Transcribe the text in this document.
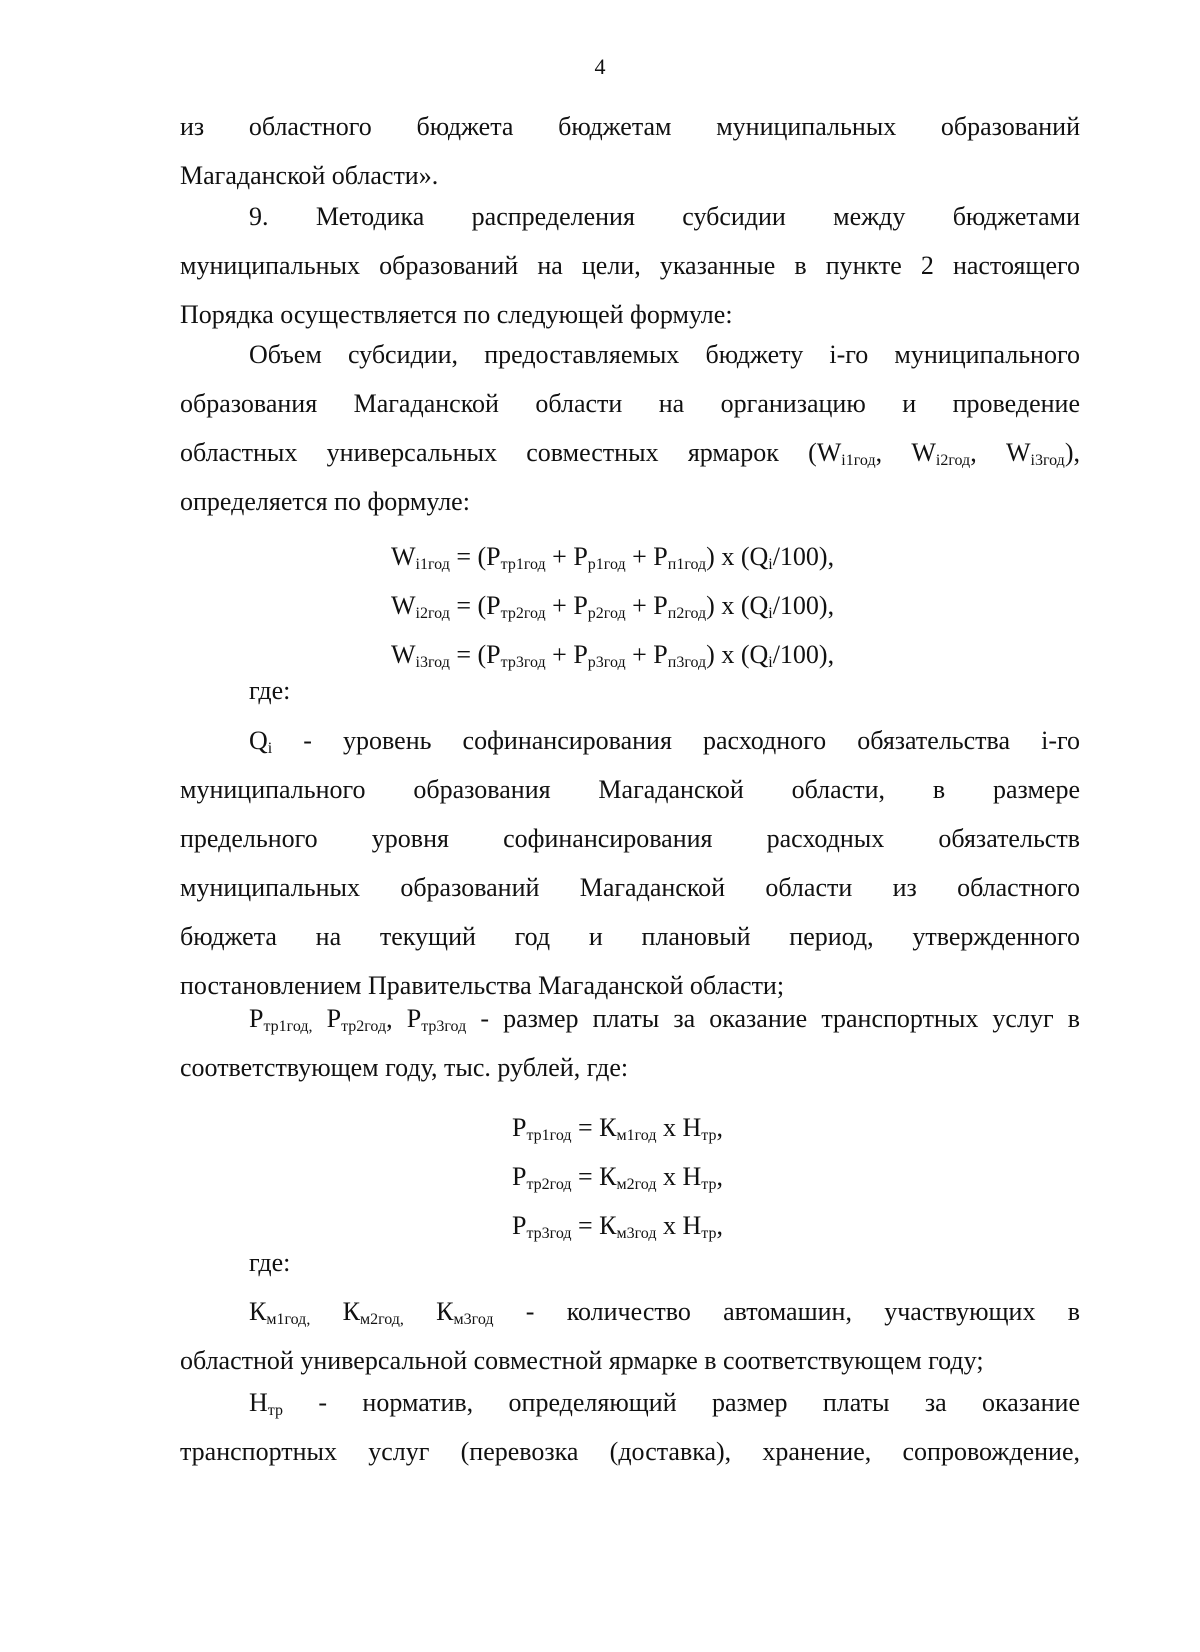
4

из областного бюджета бюджетам муниципальных образований

Магаданской области».

9. Методика распределения субсидии между бюджетами

муниципальных образований на цели, указанные в пункте 2 настоящего

Порядка осуществляется по следующей формуле:

Объем субсидии, предоставляемых бюджету i-го муниципального

образования Магаданской области на организацию и проведение

областных универсальных совместных ярмарок ($W_{i1год}$, $W_{i2год}$, $W_{i3год}$),

определяется по формуле:

$W_{i1год} = (Р_{тр1год} + Р_{р1год} + Р_{п1год})$ х $(Q_i/100)$,

$W_{i2год} = (Р_{тр2год} + Р_{р2год} + Р_{п2год})$ х $(Q_i/100)$,

$W_{i3год} = (Р_{тр3год} + Р_{р3год} + Р_{п3год})$ х $(Q_i/100)$,

где:

$Q_i$ - уровень софинансирования расходного обязательства i-го

муниципального образования Магаданской области, в размере

предельного уровня софинансирования расходных обязательств

муниципальных образований Магаданской области из областного

бюджета на текущий год и плановый период, утвержденного

постановлением Правительства Магаданской области;

$Р_{тр1год,}$ $Р_{тр2год}$, $Р_{тр3год}$ - размер платы за оказание транспортных услуг в

соответствующем году, тыс. рублей, где:

$Р_{тр1год} = К_{м1год}$ х $Н_{тр}$,

$Р_{тр2год} = К_{м2год}$ х $Н_{тр}$,

$Р_{тр3год} = К_{м3год}$ х $Н_{тр}$,

где:

$К_{м1год,}$ $К_{м2год,}$ $К_{м3год}$ - количество автомашин, участвующих в

областной универсальной совместной ярмарке в соответствующем году;

$Н_{тр}$ - норматив, определяющий размер платы за оказание

транспортных услуг (перевозка (доставка), хранение, сопровождение,
